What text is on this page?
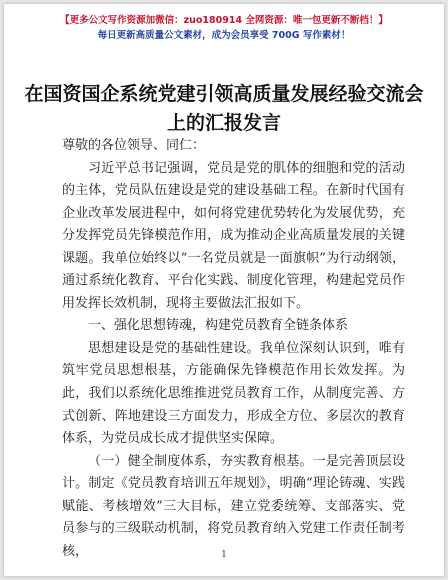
【更多公文写作资源加微信：zuo180914 全网资源：唯一包更新不断档！】

每日更新高质量公文素材，成为会员享受 700G 写作素材！

在国资国企系统党建引领高质量发展经验交流会上的汇报发言

尊敬的各位领导、同仁：

习近平总书记强调，党员是党的肌体的细胞和党的活动的主体，党员队伍建设是党的建设基础工程。在新时代国有企业改革发展进程中，如何将党建优势转化为发展优势，充分发挥党员先锋模范作用，成为推动企业高质量发展的关键课题。我单位始终以“一名党员就是一面旗帜”为行动纲领，通过系统化教育、平台化实践、制度化管理，构建起党员作用发挥长效机制，现将主要做法汇报如下。

一、强化思想铸魂，构建党员教育全链条体系

思想建设是党的基础性建设。我单位深刻认识到，唯有筑牢党员思想根基，方能确保先锋模范作用长效发挥。为此，我们以系统化思维推进党员教育工作，从制度完善、方式创新、阵地建设三方面发力，形成全方位、多层次的教育体系，为党员成长成才提供坚实保障。

（一）健全制度体系，夯实教育根基。一是完善顶层设计。制定《党员教育培训五年规划》，明确“理论铸魂、实践赋能、考核增效”三大目标，建立党委统筹、支部落实、党员参与的三级联动机制，将党员教育纳入党建工作责任制考核，	1
